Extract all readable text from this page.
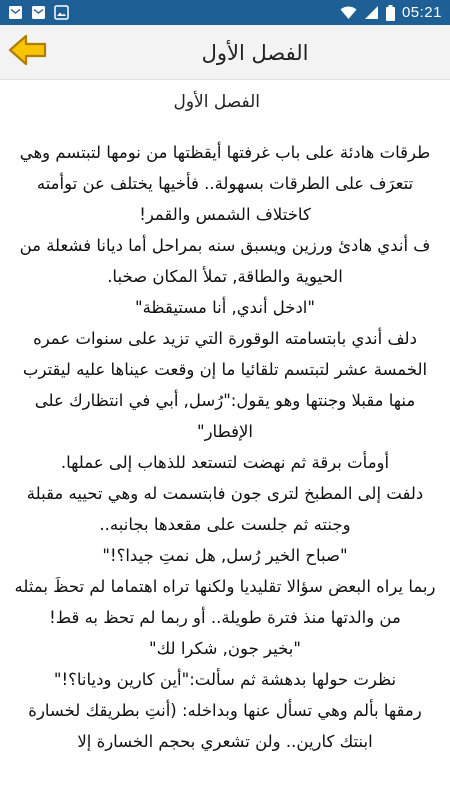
05:21
الفصل الأول
الفصل الأول

طرقات هادئة على باب غرفتها أيقظتها من نومها لتبتسم وهي تتعرَف على الطرقات بسهولة.. فأخيها يختلف عن توأمته كاختلاف الشمس والقمر!

ف أندي هادئ ورزين ويسبق سنه بمراحل أما ديانا فشعلة من الحيوية والطاقة, تملأ المكان صخبا.

"ادخل أندي, أنا مستيقظة"

دلف أندي بابتسامته الوقورة التي تزيد على سنوات عمره الخمسة عشر لتبتسم تلقائيا ما إن وقعت عيناها عليه ليقترب منها مقبلا وجنتها وهو يقول:"رُسل, أبي في انتظارك على الإفطار"

أومأت برقة ثم نهضت لتستعد للذهاب إلى عملها.

دلفت إلى المطبخ لترى جون فابتسمت له وهي تحييه مقبلة وجنته ثم جلست على مقعدها بجانبه..

"صباح الخير رُسل, هل نمتِ جيدا؟!"

ربما يراه البعض سؤالا تقليديا ولكنها تراه اهتماما لم تحظَ بمثله من والدتها منذ فترة طويلة.. أو ربما لم تحظ به قط!

"بخير جون, شكرا لك"

نظرت حولها بدهشة ثم سألت:"أين كارين وديانا؟!"

رمقها بألم وهي تسأل عنها وبداخله: (أنتِ بطريقك لخسارة ابنتك كارين.. ولن تشعري بحجم الخسارة إلا
